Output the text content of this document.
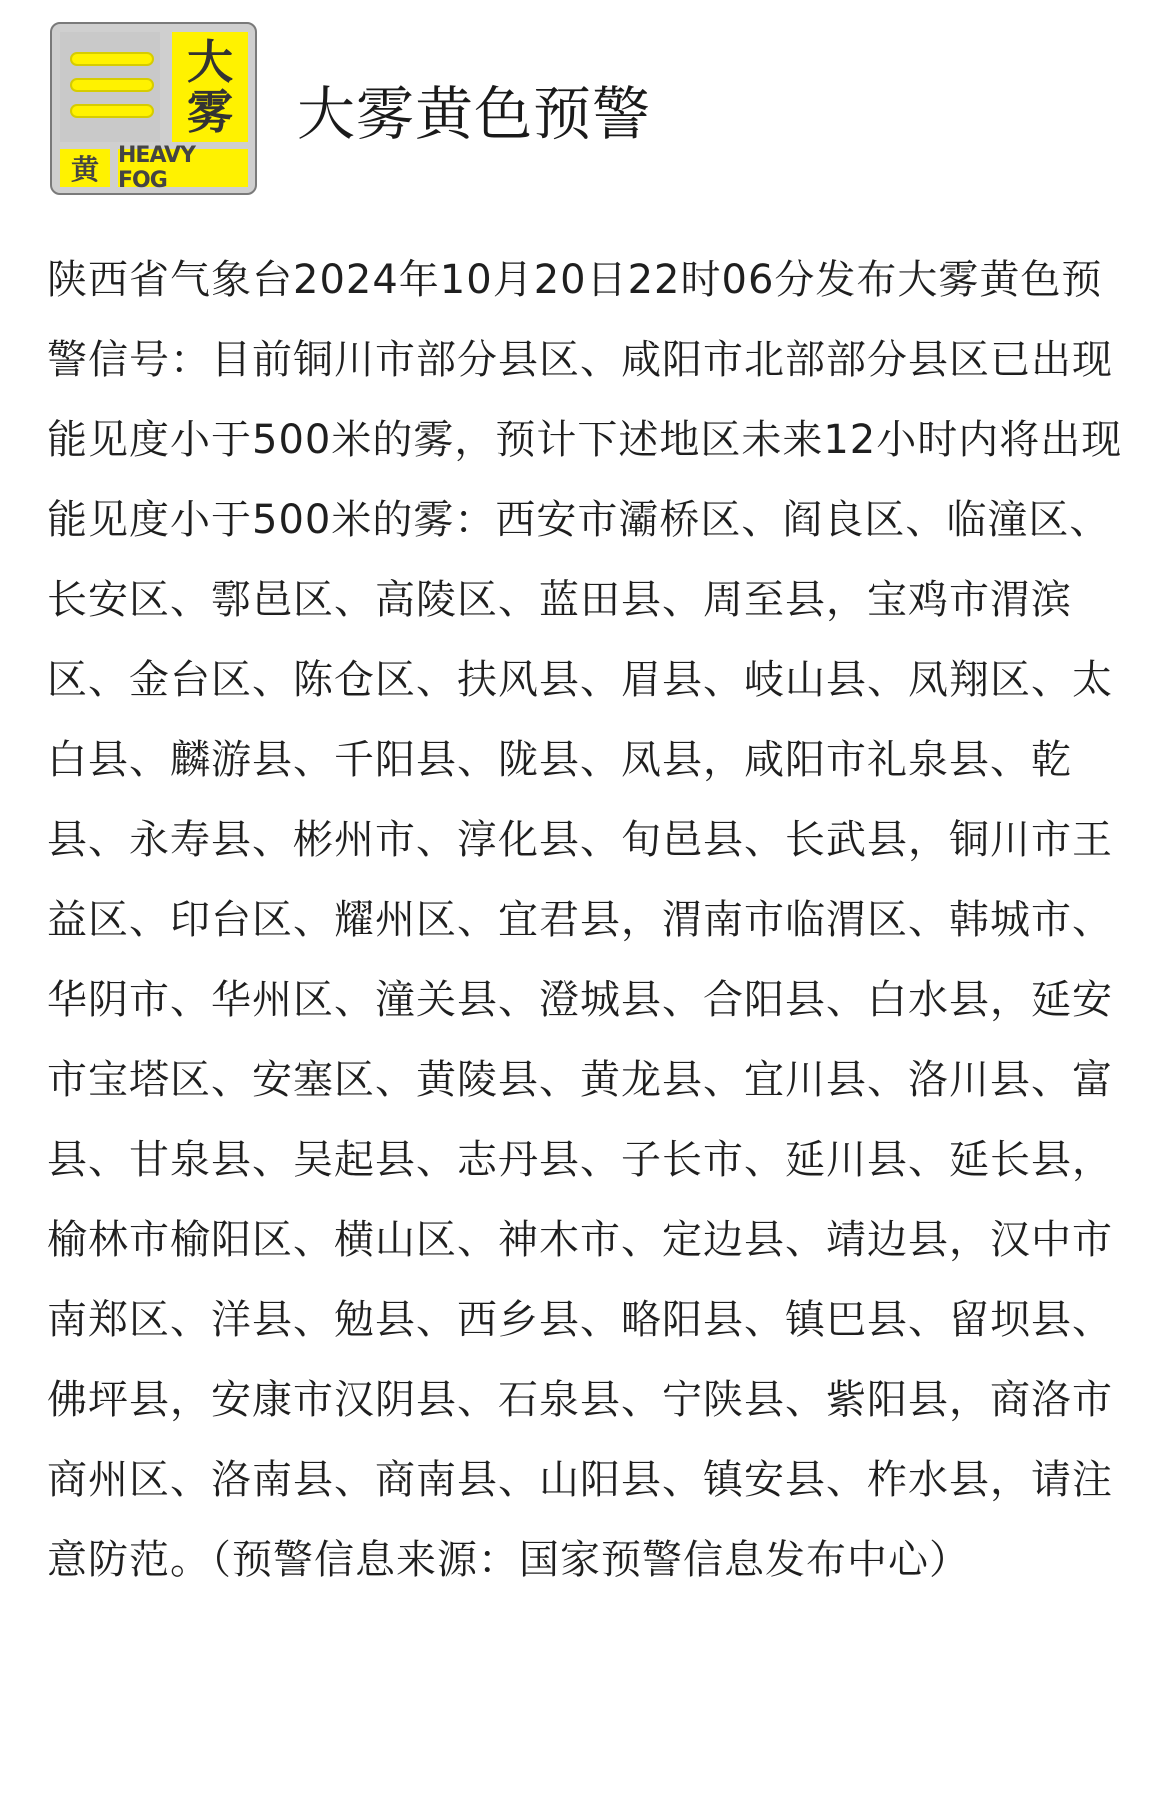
大
雾
黄 HEAVY FOG
大雾黄色预警
陕西省气象台2024年10月20日22时06分发布大雾黄色预警信号：目前铜川市部分县区、咸阳市北部部分县区已出现能见度小于500米的雾，预计下述地区未来12小时内将出现能见度小于500米的雾：西安市灞桥区、阎良区、临潼区、长安区、鄠邑区、高陵区、蓝田县、周至县，宝鸡市渭滨区、金台区、陈仓区、扶风县、眉县、岐山县、凤翔区、太白县、麟游县、千阳县、陇县、凤县，咸阳市礼泉县、乾县、永寿县、彬州市、淳化县、旬邑县、长武县，铜川市王益区、印台区、耀州区、宜君县，渭南市临渭区、韩城市、华阴市、华州区、潼关县、澄城县、合阳县、白水县，延安市宝塔区、安塞区、黄陵县、黄龙县、宜川县、洛川县、富县、甘泉县、吴起县、志丹县、子长市、延川县、延长县，榆林市榆阳区、横山区、神木市、定边县、靖边县，汉中市南郑区、洋县、勉县、西乡县、略阳县、镇巴县、留坝县、佛坪县，安康市汉阴县、石泉县、宁陕县、紫阳县，商洛市商州区、洛南县、商南县、山阳县、镇安县、柞水县，请注意防范。（预警信息来源：国家预警信息发布中心）
